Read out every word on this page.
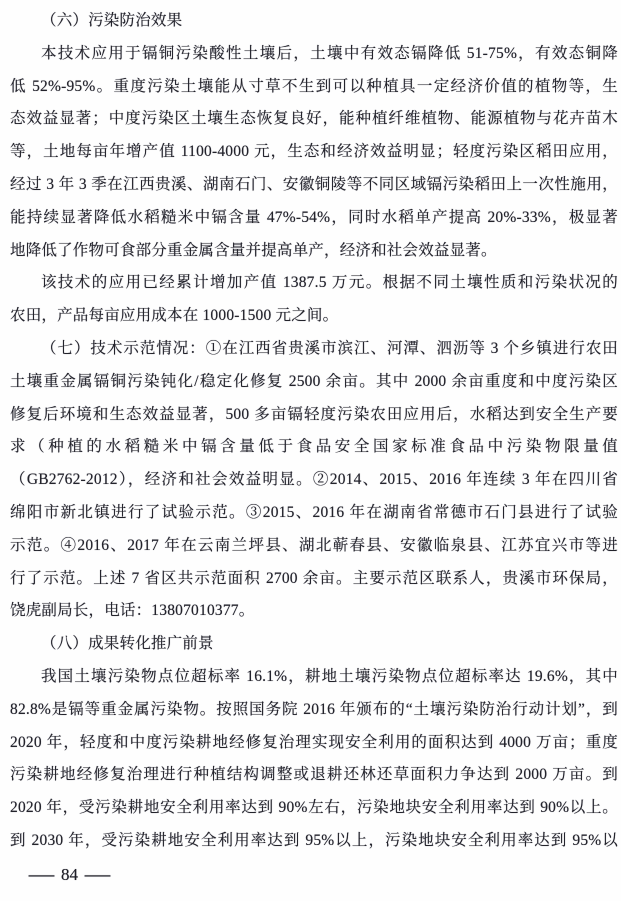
（六）污染防治效果
本技术应用于镉铜污染酸性土壤后，土壤中有效态镉降低 51-75%，有效态铜降
低 52%-95%。重度污染土壤能从寸草不生到可以种植具一定经济价值的植物等，生
态效益显著；中度污染区土壤生态恢复良好，能种植纤维植物、能源植物与花卉苗木
等，土地每亩年增产值 1100-4000 元，生态和经济效益明显；轻度污染区稻田应用，
经过 3 年 3 季在江西贵溪、湖南石门、安徽铜陵等不同区域镉污染稻田上一次性施用，
能持续显著降低水稻糙米中镉含量 47%-54%，同时水稻单产提高 20%-33%，极显著
地降低了作物可食部分重金属含量并提高单产，经济和社会效益显著。
该技术的应用已经累计增加产值 1387.5 万元。根据不同土壤性质和污染状况的
农田，产品每亩应用成本在 1000-1500 元之间。
（七）技术示范情况：①在江西省贵溪市滨江、河潭、泗沥等 3 个乡镇进行农田
土壤重金属镉铜污染钝化/稳定化修复 2500 余亩。其中 2000 余亩重度和中度污染区
修复后环境和生态效益显著，500 多亩镉轻度污染农田应用后，水稻达到安全生产要
求（种植的水稻糙米中镉含量低于食品安全国家标准食品中污染物限量值
（GB2762-2012），经济和社会效益明显。②2014、2015、2016 年连续 3 年在四川省
绵阳市新北镇进行了试验示范。③2015、2016 年在湖南省常德市石门县进行了试验
示范。④2016、2017 年在云南兰坪县、湖北蕲春县、安徽临泉县、江苏宜兴市等进
行了示范。上述 7 省区共示范面积 2700 余亩。主要示范区联系人，贵溪市环保局，
饶虎副局长，电话：13807010377。
（八）成果转化推广前景
我国土壤污染物点位超标率 16.1%，耕地土壤污染物点位超标率达 19.6%，其中
82.8%是镉等重金属污染物。按照国务院 2016 年颁布的“土壤污染防治行动计划”，到
2020 年，轻度和中度污染耕地经修复治理实现安全利用的面积达到 4000 万亩；重度
污染耕地经修复治理进行种植结构调整或退耕还林还草面积力争达到 2000 万亩。到
2020 年，受污染耕地安全利用率达到 90%左右，污染地块安全利用率达到 90%以上。
到 2030 年，受污染耕地安全利用率达到 95%以上，污染地块安全利用率达到 95%以
— 84 —
